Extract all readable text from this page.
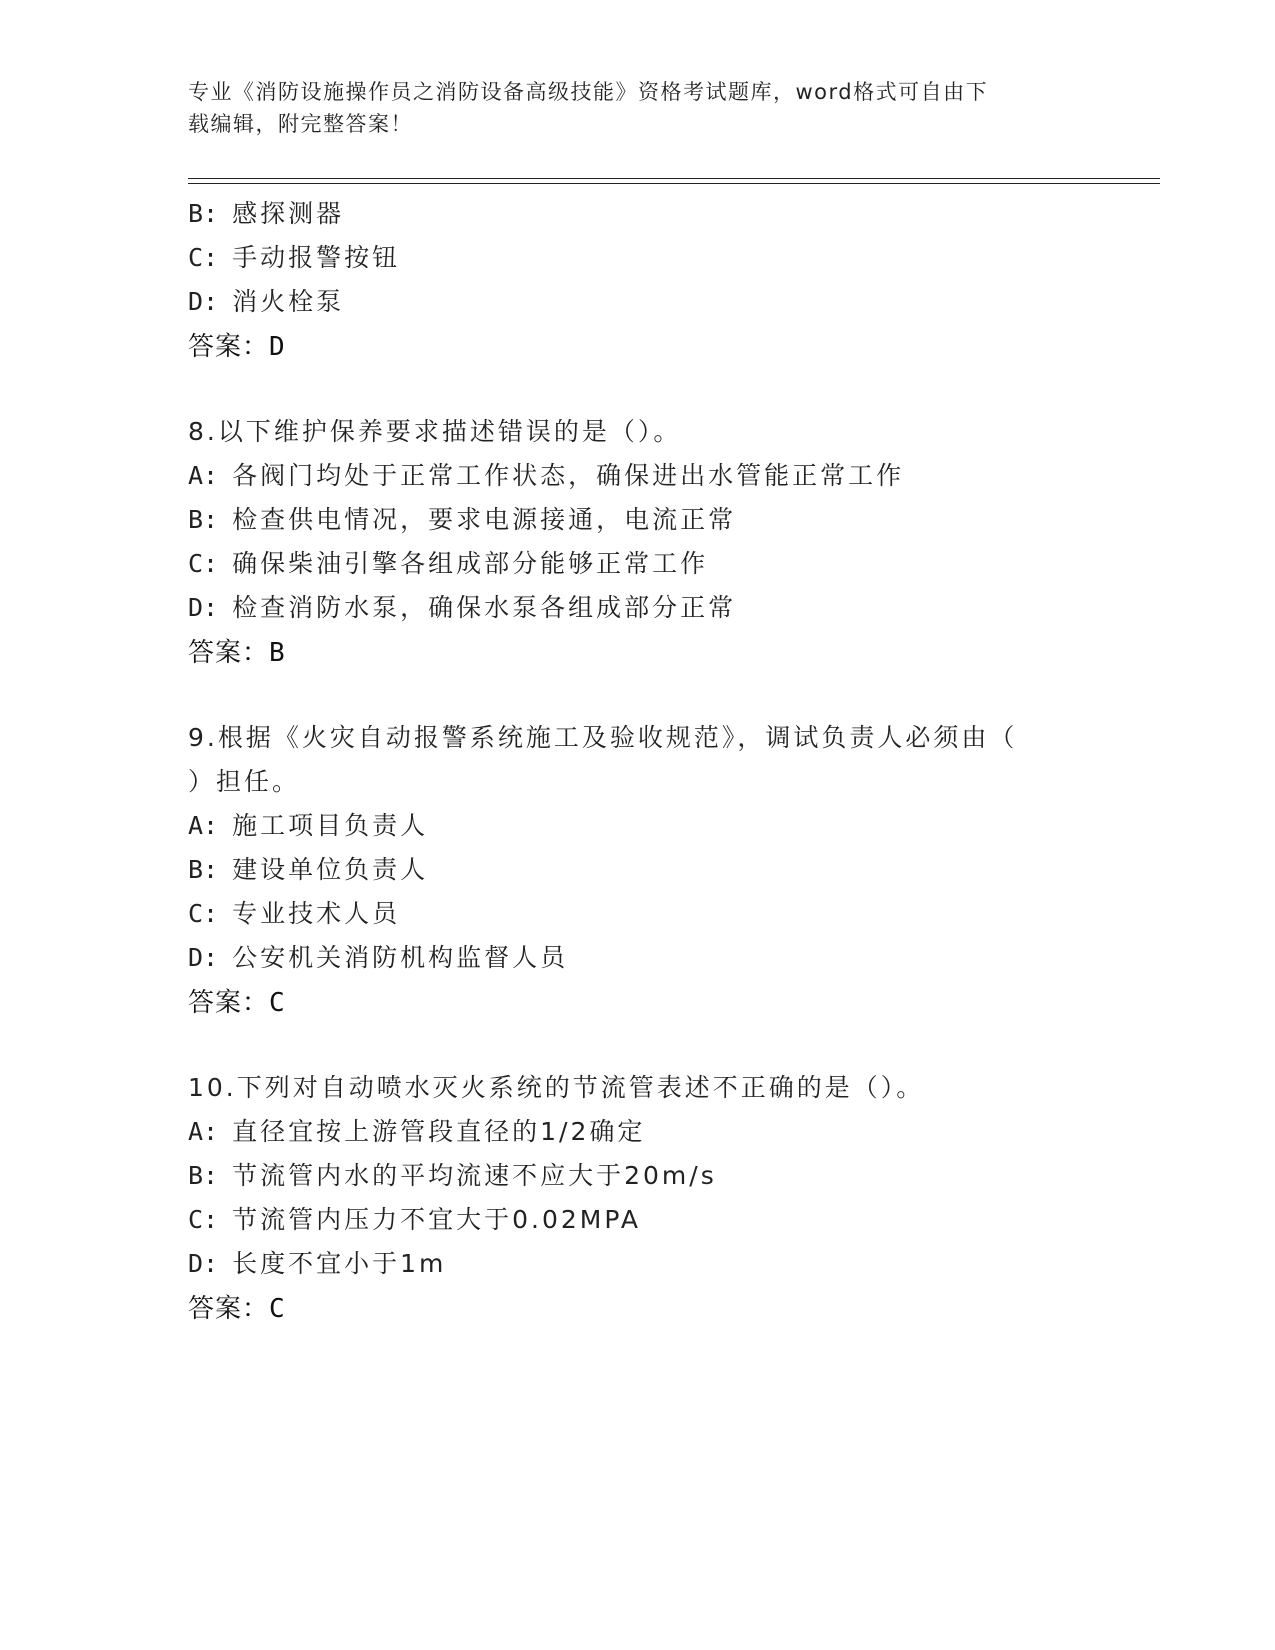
专业《消防设施操作员之消防设备高级技能》资格考试题库，word格式可自由下
载编辑，附完整答案！
B: 感探测器
C: 手动报警按钮
D: 消火栓泵
答案：D
8.以下维护保养要求描述错误的是（）。
A: 各阀门均处于正常工作状态，确保进出水管能正常工作
B: 检查供电情况，要求电源接通，电流正常
C: 确保柴油引擎各组成部分能够正常工作
D: 检查消防水泵，确保水泵各组成部分正常
答案：B
9.根据《火灾自动报警系统施工及验收规范》，调试负责人必须由（
）担任。
A: 施工项目负责人
B: 建设单位负责人
C: 专业技术人员
D: 公安机关消防机构监督人员
答案：C
10.下列对自动喷水灭火系统的节流管表述不正确的是（）。
A: 直径宜按上游管段直径的1/2确定
B: 节流管内水的平均流速不应大于20m/s
C: 节流管内压力不宜大于0.02MPA
D: 长度不宜小于1m
答案：C
